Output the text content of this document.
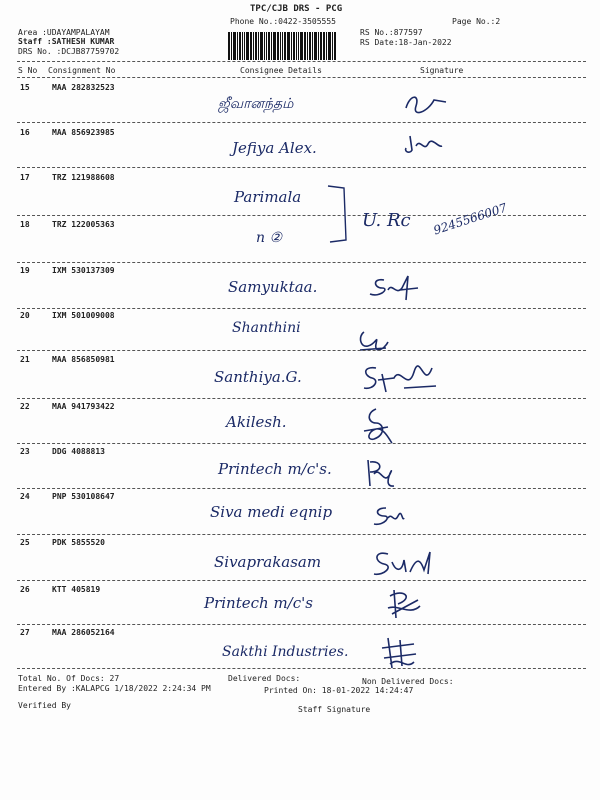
TPC/CJB DRS - PCG
Phone No.:0422-3505555	Page No.:2
Area :UDAYAMPALAYAM
Staff :SATHESH KUMAR
DRS No. :DCJB87759702
RS No.:877597
RS Date:18-Jan-2022
S No Consignment No	Consignee Details	Signature
15	MAA 282832523
ஜீவானந்தம்
16	MAA 856923985
Jefiya Alex.
17	TRZ 121988608
Parimala
18	TRZ 122005363
n ②
U. Rc 9245566007
19	IXM 530137309
Samyuktaa.
20	IXM 501009008
Shanthini
21	MAA 856850981
Santhiya.G.
22	MAA 941793422
Akilesh.
23	DDG 4088813
Printech m/c's.
24	PNP 530108647
Siva medi eqnip
25	PDK 5855520
Sivaprakasam
26	KTT 405819
Printech m/c's
27	MAA 286052164
Sakthi Industries.
Total No. Of Docs: 27	Delivered Docs:	Non Delivered Docs:
Entered By :KALAPCG 1/18/2022 2:24:34 PM	Printed On: 18-01-2022 14:24:47
Verified By	Staff Signature
